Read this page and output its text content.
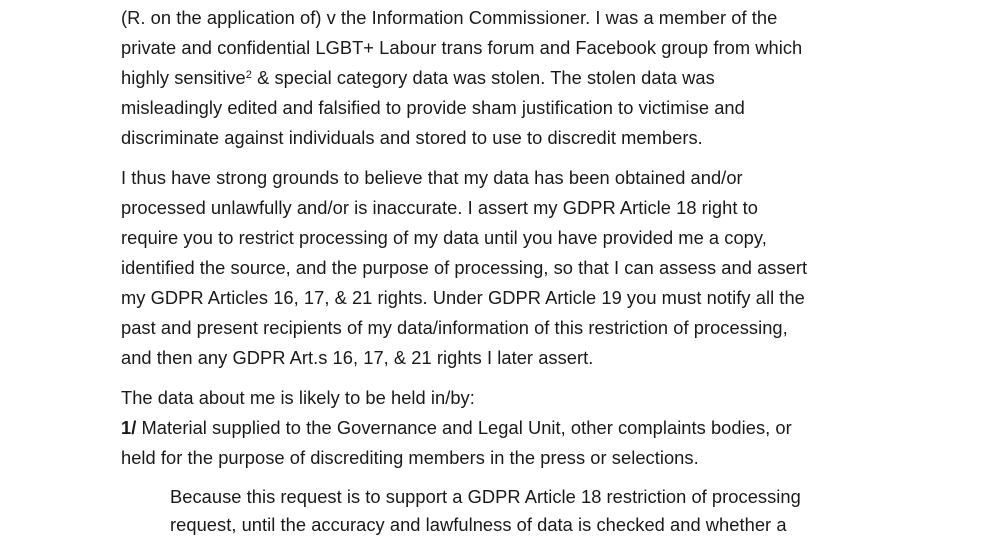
(R. on the application of) v the Information Commissioner. I was a member of the
private and confidential LGBT+ Labour trans forum and Facebook group from which
highly sensitive$^2$ & special category data was stolen. The stolen data was
misleadingly edited and falsified to provide sham justification to victimise and
discriminate against individuals and stored to use to discredit members.
I thus have strong grounds to believe that my data has been obtained and/or
processed unlawfully and/or is inaccurate. I assert my GDPR Article 18 right to
require you to restrict processing of my data until you have provided me a copy,
identified the source, and the purpose of processing, so that I can assess and assert
my GDPR Articles 16, 17, & 21 rights. Under GDPR Article 19 you must notify all the
past and present recipients of my data/information of this restriction of processing,
and then any GDPR Art.s 16, 17, & 21 rights I later assert.
The data about me is likely to be held in/by:
1/ Material supplied to the Governance and Legal Unit, other complaints bodies, or
held for the purpose of discrediting members in the press or selections.
Because this request is to support a GDPR Article 18 restriction of processing
request, until the accuracy and lawfulness of data is checked and whether a
